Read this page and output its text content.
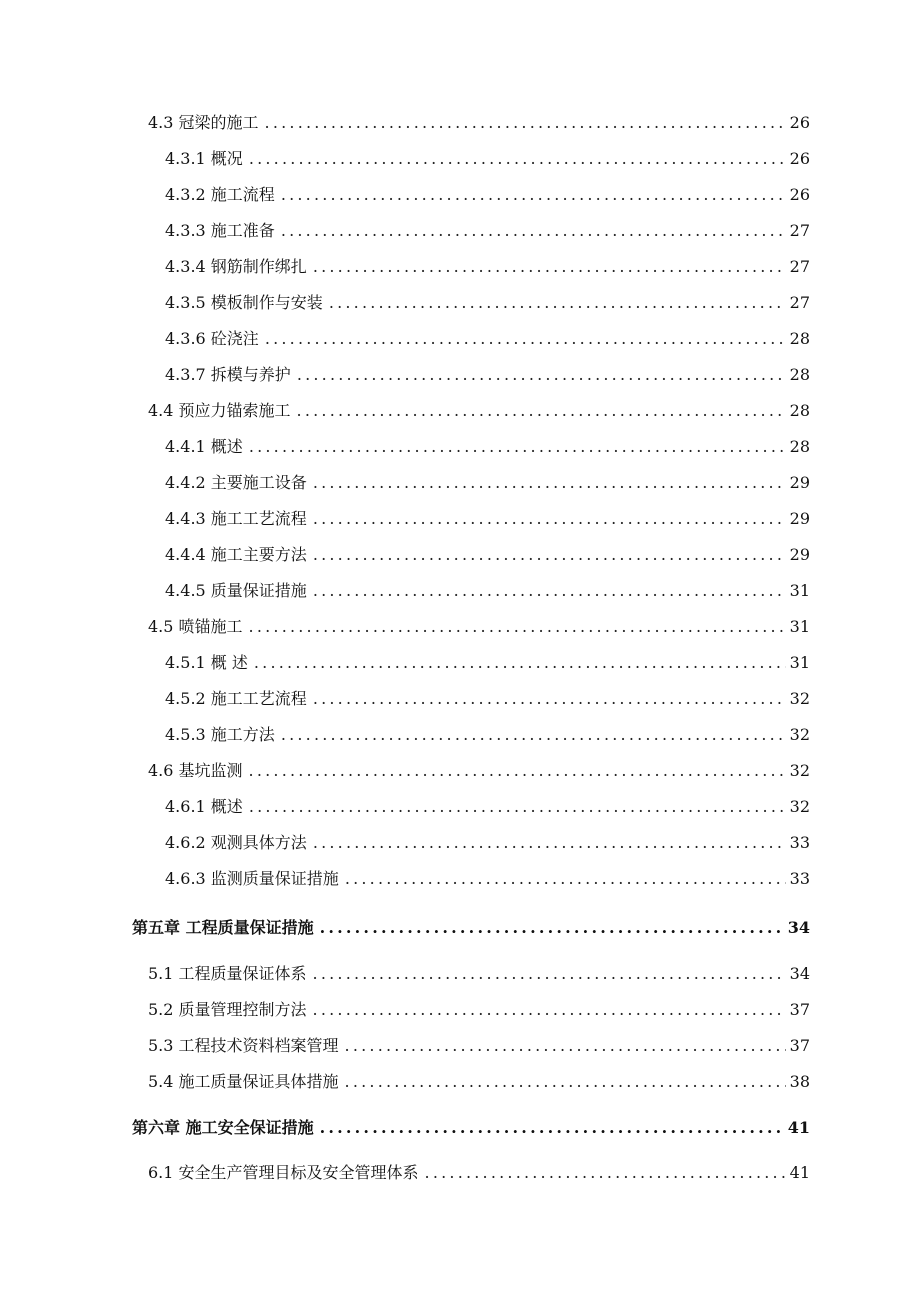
4.3 冠梁的施工 .....	26
4.3.1 概况 .....	26
4.3.2 施工流程 .....	26
4.3.3 施工准备 .....	27
4.3.4 钢筋制作绑扎 .....	27
4.3.5 模板制作与安装 .....	27
4.3.6 砼浇注 .....	28
4.3.7 拆模与养护 .....	28
4.4 预应力锚索施工 .....	28
4.4.1 概述 .....	28
4.4.2 主要施工设备 .....	29
4.4.3 施工工艺流程 .....	29
4.4.4 施工主要方法 .....	29
4.4.5 质量保证措施 .....	31
4.5 喷锚施工 .....	31
4.5.1 概 述 .....	31
4.5.2 施工工艺流程 .....	32
4.5.3 施工方法 .....	32
4.6 基坑监测 .....	32
4.6.1 概述 .....	32
4.6.2 观测具体方法 .....	33
4.6.3 监测质量保证措施 .....	33
第五章 工程质量保证措施 .....	34
5.1 工程质量保证体系 .....	34
5.2 质量管理控制方法 .....	37
5.3 工程技术资料档案管理 .....	37
5.4 施工质量保证具体措施 .....	38
第六章 施工安全保证措施 .....	41
6.1 安全生产管理目标及安全管理体系 .....	41
